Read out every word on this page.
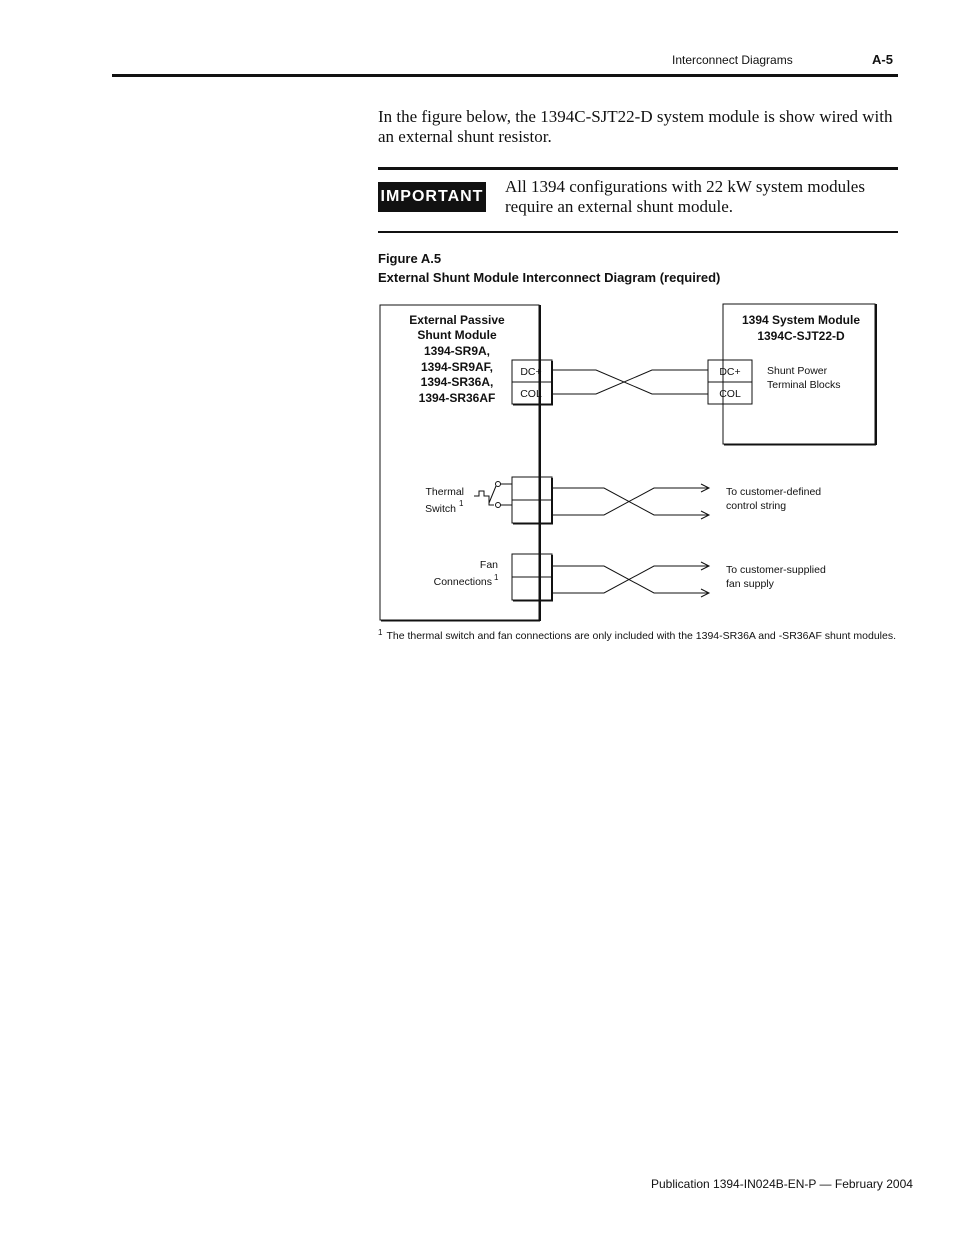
Interconnect Diagrams	A-5
In the figure below, the 1394C-SJT22-D system module is show wired with an external shunt resistor.
IMPORTANT
All 1394 configurations with 22 kW system modules require an external shunt module.
Figure A.5
External Shunt Module Interconnect Diagram (required)
External Passive
Shunt Module
1394-SR9A,
1394-SR9AF,
1394-SR36A,
1394-SR36AF
1394 System Module
1394C-SJT22-D
DC+
COL
DC+
COL
Shunt Power
Terminal Blocks
Thermal
Switch
Fan
Connections
1
1
To customer-defined
control string
To customer-supplied
fan supply
$^1$ The thermal switch and fan connections are only included with the 1394-SR36A and -SR36AF shunt modules.
Publication 1394-IN024B-EN-P — February 2004
